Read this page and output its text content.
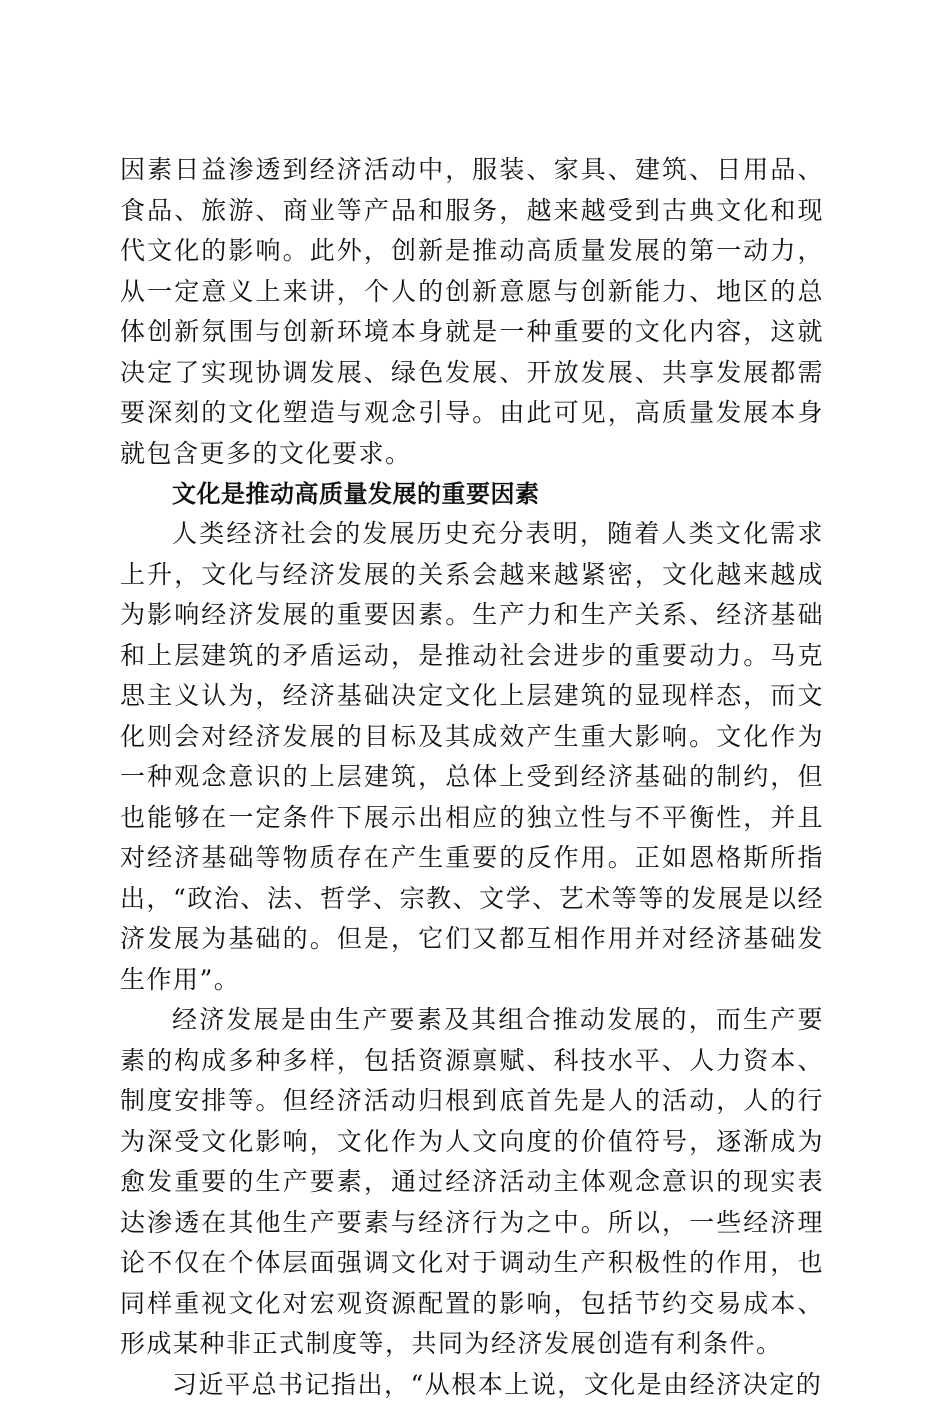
因素日益渗透到经济活动中，服装、家具、建筑、日用品、食品、旅游、商业等产品和服务，越来越受到古典文化和现代文化的影响。此外，创新是推动高质量发展的第一动力，从一定意义上来讲，个人的创新意愿与创新能力、地区的总体创新氛围与创新环境本身就是一种重要的文化内容，这就决定了实现协调发展、绿色发展、开放发展、共享发展都需要深刻的文化塑造与观念引导。由此可见，高质量发展本身就包含更多的文化要求。

文化是推动高质量发展的重要因素

人类经济社会的发展历史充分表明，随着人类文化需求上升，文化与经济发展的关系会越来越紧密，文化越来越成为影响经济发展的重要因素。生产力和生产关系、经济基础和上层建筑的矛盾运动，是推动社会进步的重要动力。马克思主义认为，经济基础决定文化上层建筑的显现样态，而文化则会对经济发展的目标及其成效产生重大影响。文化作为一种观念意识的上层建筑，总体上受到经济基础的制约，但也能够在一定条件下展示出相应的独立性与不平衡性，并且对经济基础等物质存在产生重要的反作用。正如恩格斯所指出，“政治、法、哲学、宗教、文学、艺术等等的发展是以经济发展为基础的。但是，它们又都互相作用并对经济基础发生作用”。

经济发展是由生产要素及其组合推动发展的，而生产要素的构成多种多样，包括资源禀赋、科技水平、人力资本、制度安排等。但经济活动归根到底首先是人的活动，人的行为深受文化影响，文化作为人文向度的价值符号，逐渐成为愈发重要的生产要素，通过经济活动主体观念意识的现实表达渗透在其他生产要素与经济行为之中。所以，一些经济理论不仅在个体层面强调文化对于调动生产积极性的作用，也同样重视文化对宏观资源配置的影响，包括节约交易成本、形成某种非正式制度等，共同为经济发展创造有利条件。

习近平总书记指出，“从根本上说，文化是由经济决定的
